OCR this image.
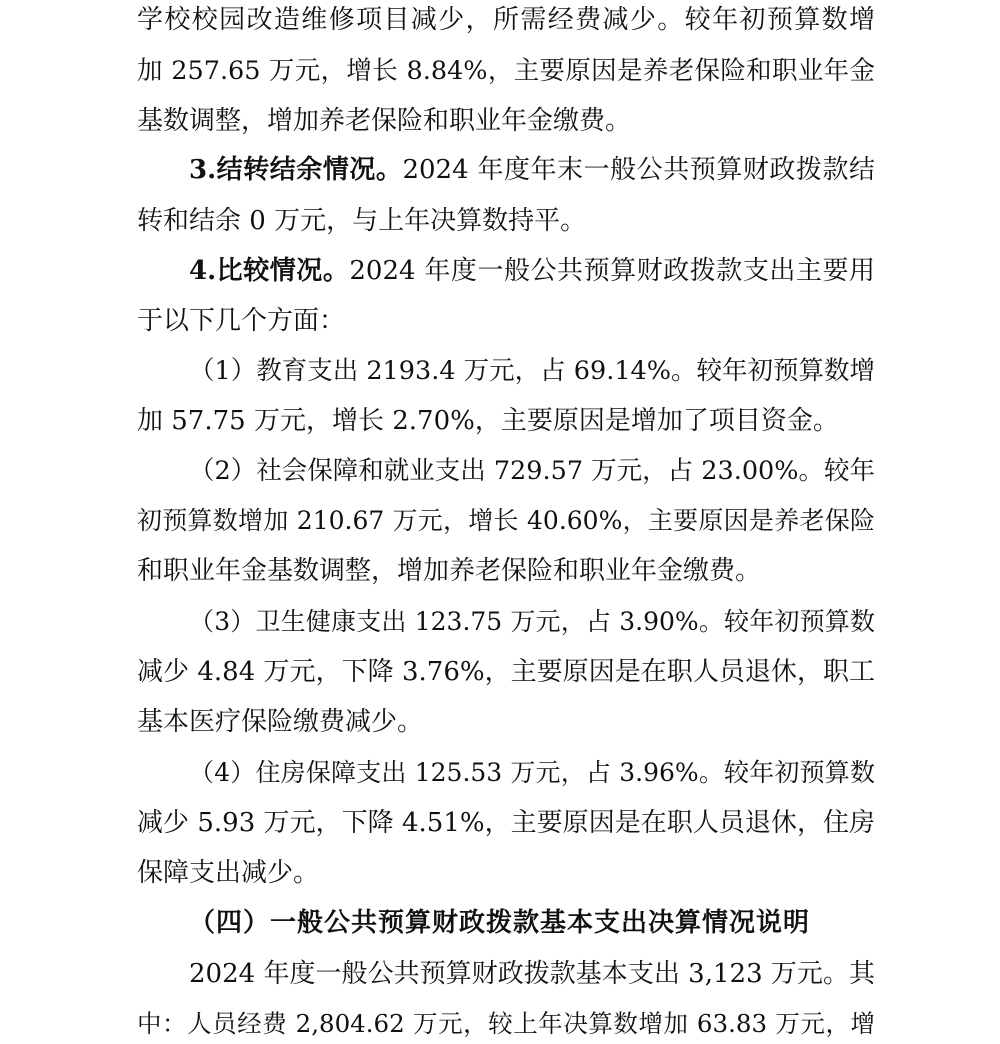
学校校园改造维修项目减少，所需经费减少。较年初预算数增
加 257.65 万元，增长 8.84%，主要原因是养老保险和职业年金
基数调整，增加养老保险和职业年金缴费。
3.结转结余情况。2024 年度年末一般公共预算财政拨款结
转和结余 0 万元，与上年决算数持平。
4.比较情况。2024 年度一般公共预算财政拨款支出主要用
于以下几个方面：
（1）教育支出 2193.4 万元，占 69.14%。较年初预算数增
加 57.75 万元，增长 2.70%，主要原因是增加了项目资金。
（2）社会保障和就业支出 729.57 万元，占 23.00%。较年
初预算数增加 210.67 万元，增长 40.60%，主要原因是养老保险
和职业年金基数调整，增加养老保险和职业年金缴费。
（3）卫生健康支出 123.75 万元，占 3.90%。较年初预算数
减少 4.84 万元，下降 3.76%，主要原因是在职人员退休，职工
基本医疗保险缴费减少。
（4）住房保障支出 125.53 万元，占 3.96%。较年初预算数
减少 5.93 万元，下降 4.51%，主要原因是在职人员退休，住房
保障支出减少。
（四）一般公共预算财政拨款基本支出决算情况说明
2024 年度一般公共预算财政拨款基本支出 3,123 万元。其
中：人员经费 2,804.62 万元，较上年决算数增加 63.83 万元，增
